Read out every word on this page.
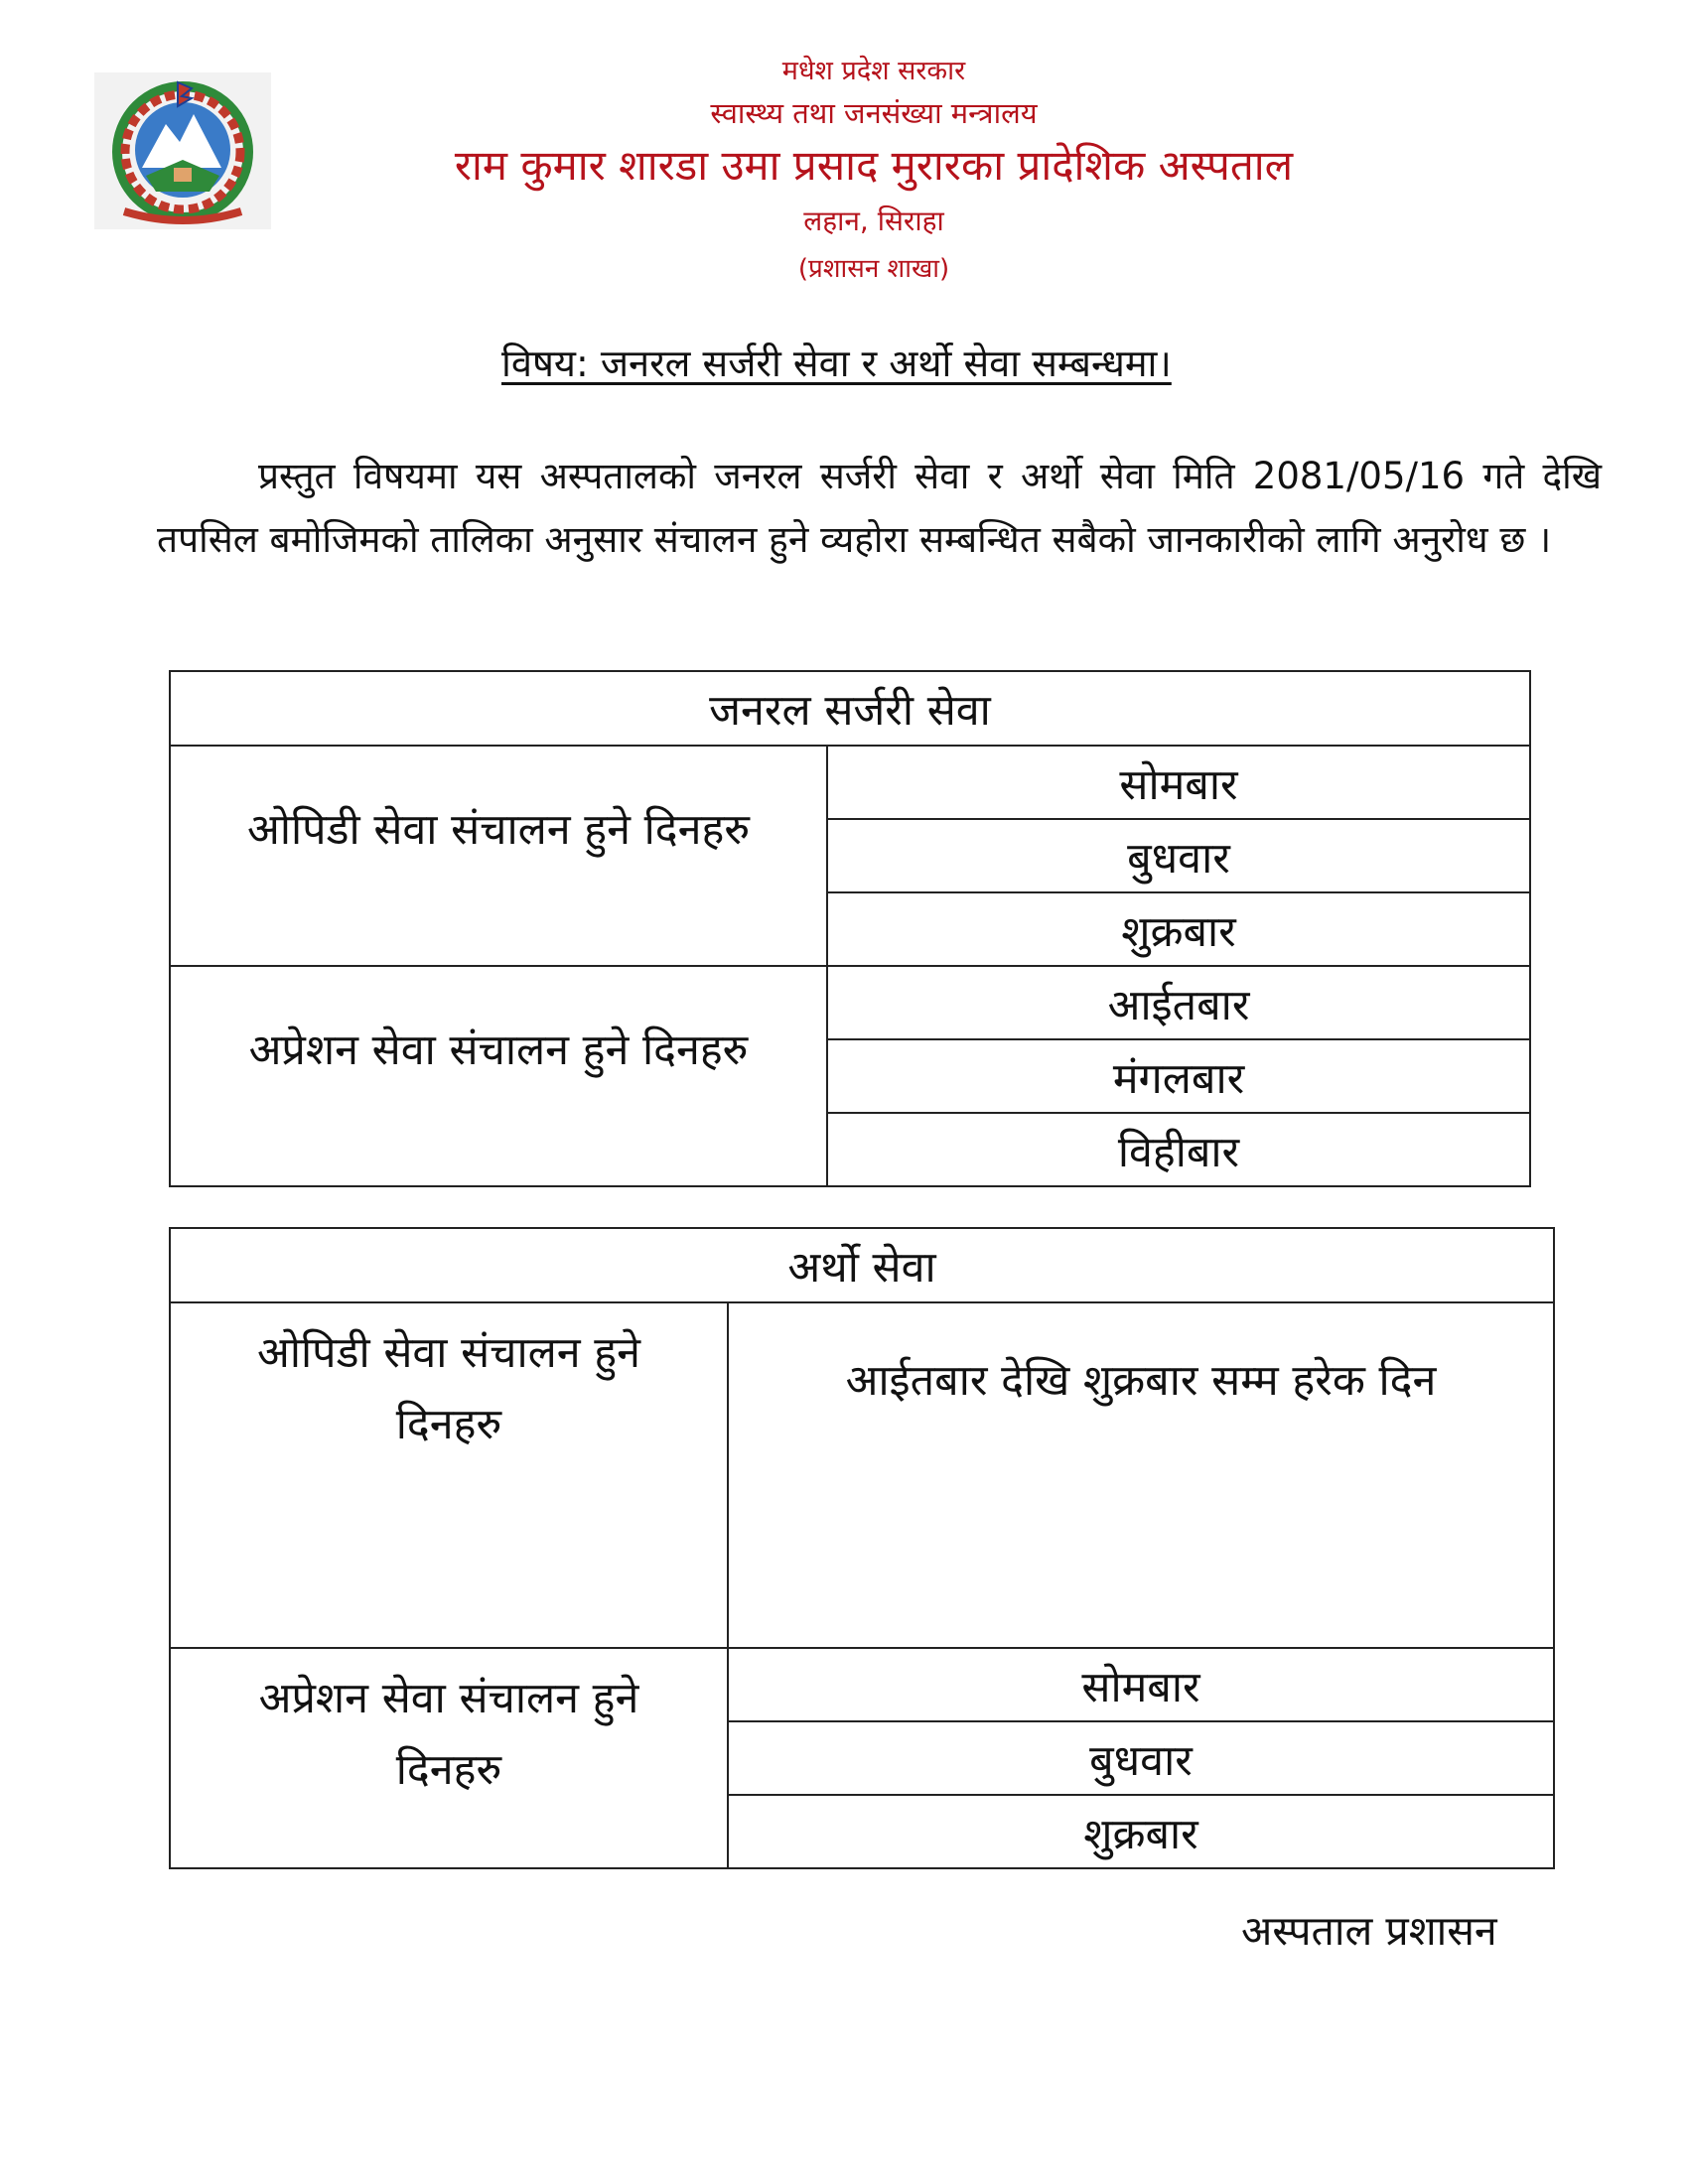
मधेश प्रदेश सरकार
स्वास्थ्य तथा जनसंख्या मन्त्रालय
राम कुमार शारडा उमा प्रसाद मुरारका प्रादेशिक अस्पताल
लहान, सिराहा
(प्रशासन शाखा)
विषय: जनरल सर्जरी सेवा र अर्थो सेवा सम्बन्धमा।
प्रस्तुत विषयमा यस अस्पतालको जनरल सर्जरी सेवा र अर्थो सेवा मिति 2081/05/16 गते देखि तपसिल बमोजिमको तालिका अनुसार संचालन हुने व्यहोरा सम्बन्धित सबैको जानकारीको लागि अनुरोध छ ।
जनरल सर्जरी सेवा	
ओपिडी सेवा संचालन हुने दिनहरु	सोमबार
	बुधवार
	शुक्रबार
अप्रेशन सेवा संचालन हुने दिनहरु	आईतबार
	मंगलबार
	विहीबार
अर्थो सेवा	

ओपिडी सेवा संचालन हुने
दिनहरु	आईतबार देखि शुक्रबार सम्म हरेक दिन

अप्रेशन सेवा संचालन हुने
दिनहरु	सोमबार
	बुधवार
	शुक्रबार
अस्पताल प्रशासन
